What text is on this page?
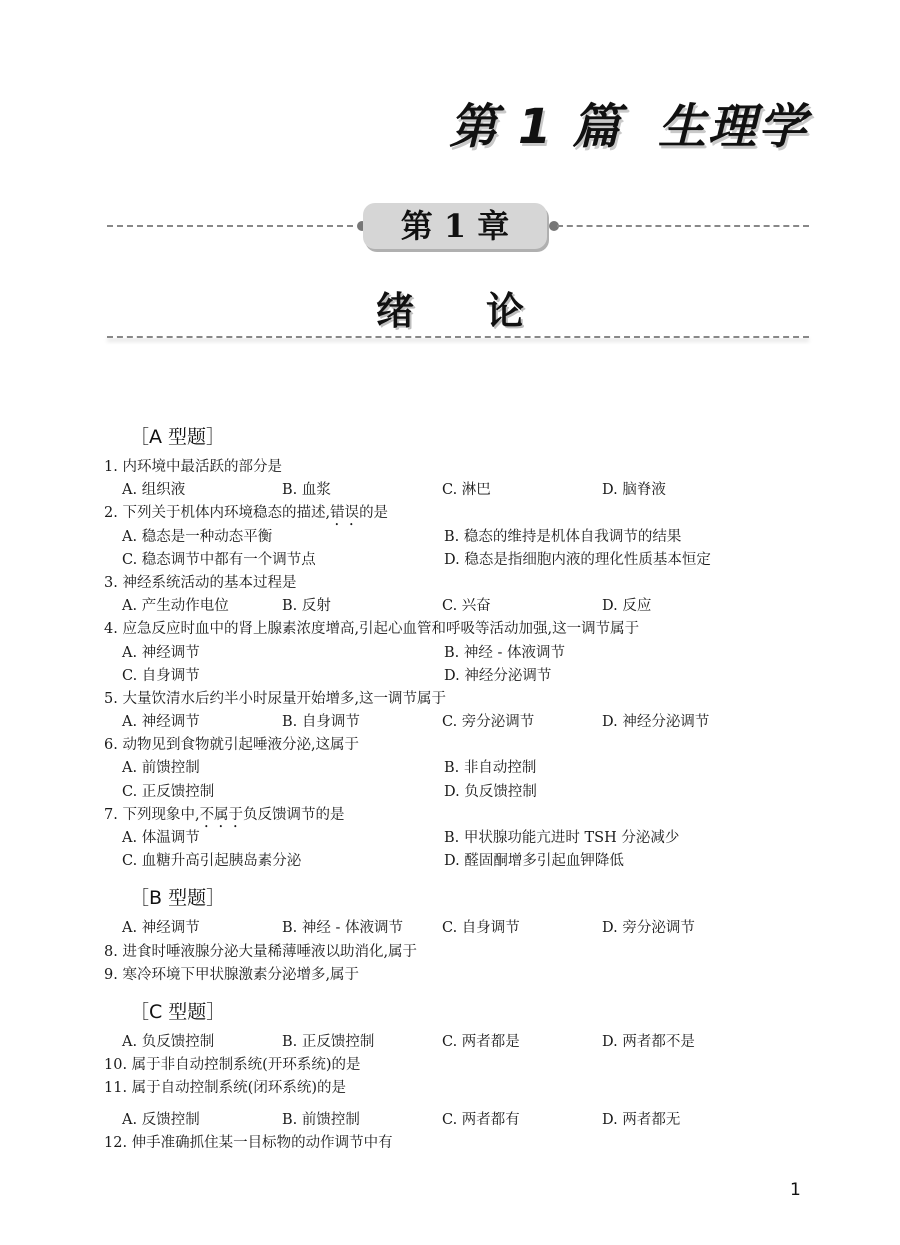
第 1 篇 生理学
第 1 章
绪论
［A 型题］
1. 内环境中最活跃的部分是
A. 组织液	B. 血浆	C. 淋巴	D. 脑脊液
2. 下列关于机体内环境稳态的描述,错误的是
A. 稳态是一种动态平衡	B. 稳态的维持是机体自我调节的结果
C. 稳态调节中都有一个调节点	D. 稳态是指细胞内液的理化性质基本恒定
3. 神经系统活动的基本过程是
A. 产生动作电位	B. 反射	C. 兴奋	D. 反应
4. 应急反应时血中的肾上腺素浓度增高,引起心血管和呼吸等活动加强,这一调节属于
A. 神经调节	B. 神经 - 体液调节
C. 自身调节	D. 神经分泌调节
5. 大量饮清水后约半小时尿量开始增多,这一调节属于
A. 神经调节	B. 自身调节	C. 旁分泌调节	D. 神经分泌调节
6. 动物见到食物就引起唾液分泌,这属于
A. 前馈控制	B. 非自动控制
C. 正反馈控制	D. 负反馈控制
7. 下列现象中,不属于负反馈调节的是
A. 体温调节	B. 甲状腺功能亢进时 TSH 分泌减少
C. 血糖升高引起胰岛素分泌	D. 醛固酮增多引起血钾降低
［B 型题］
A. 神经调节	B. 神经 - 体液调节	C. 自身调节	D. 旁分泌调节
8. 进食时唾液腺分泌大量稀薄唾液以助消化,属于
9. 寒冷环境下甲状腺激素分泌增多,属于
［C 型题］
A. 负反馈控制	B. 正反馈控制	C. 两者都是	D. 两者都不是
10. 属于非自动控制系统(开环系统)的是
11. 属于自动控制系统(闭环系统)的是
A. 反馈控制	B. 前馈控制	C. 两者都有	D. 两者都无
12. 伸手准确抓住某一目标物的动作调节中有
1
